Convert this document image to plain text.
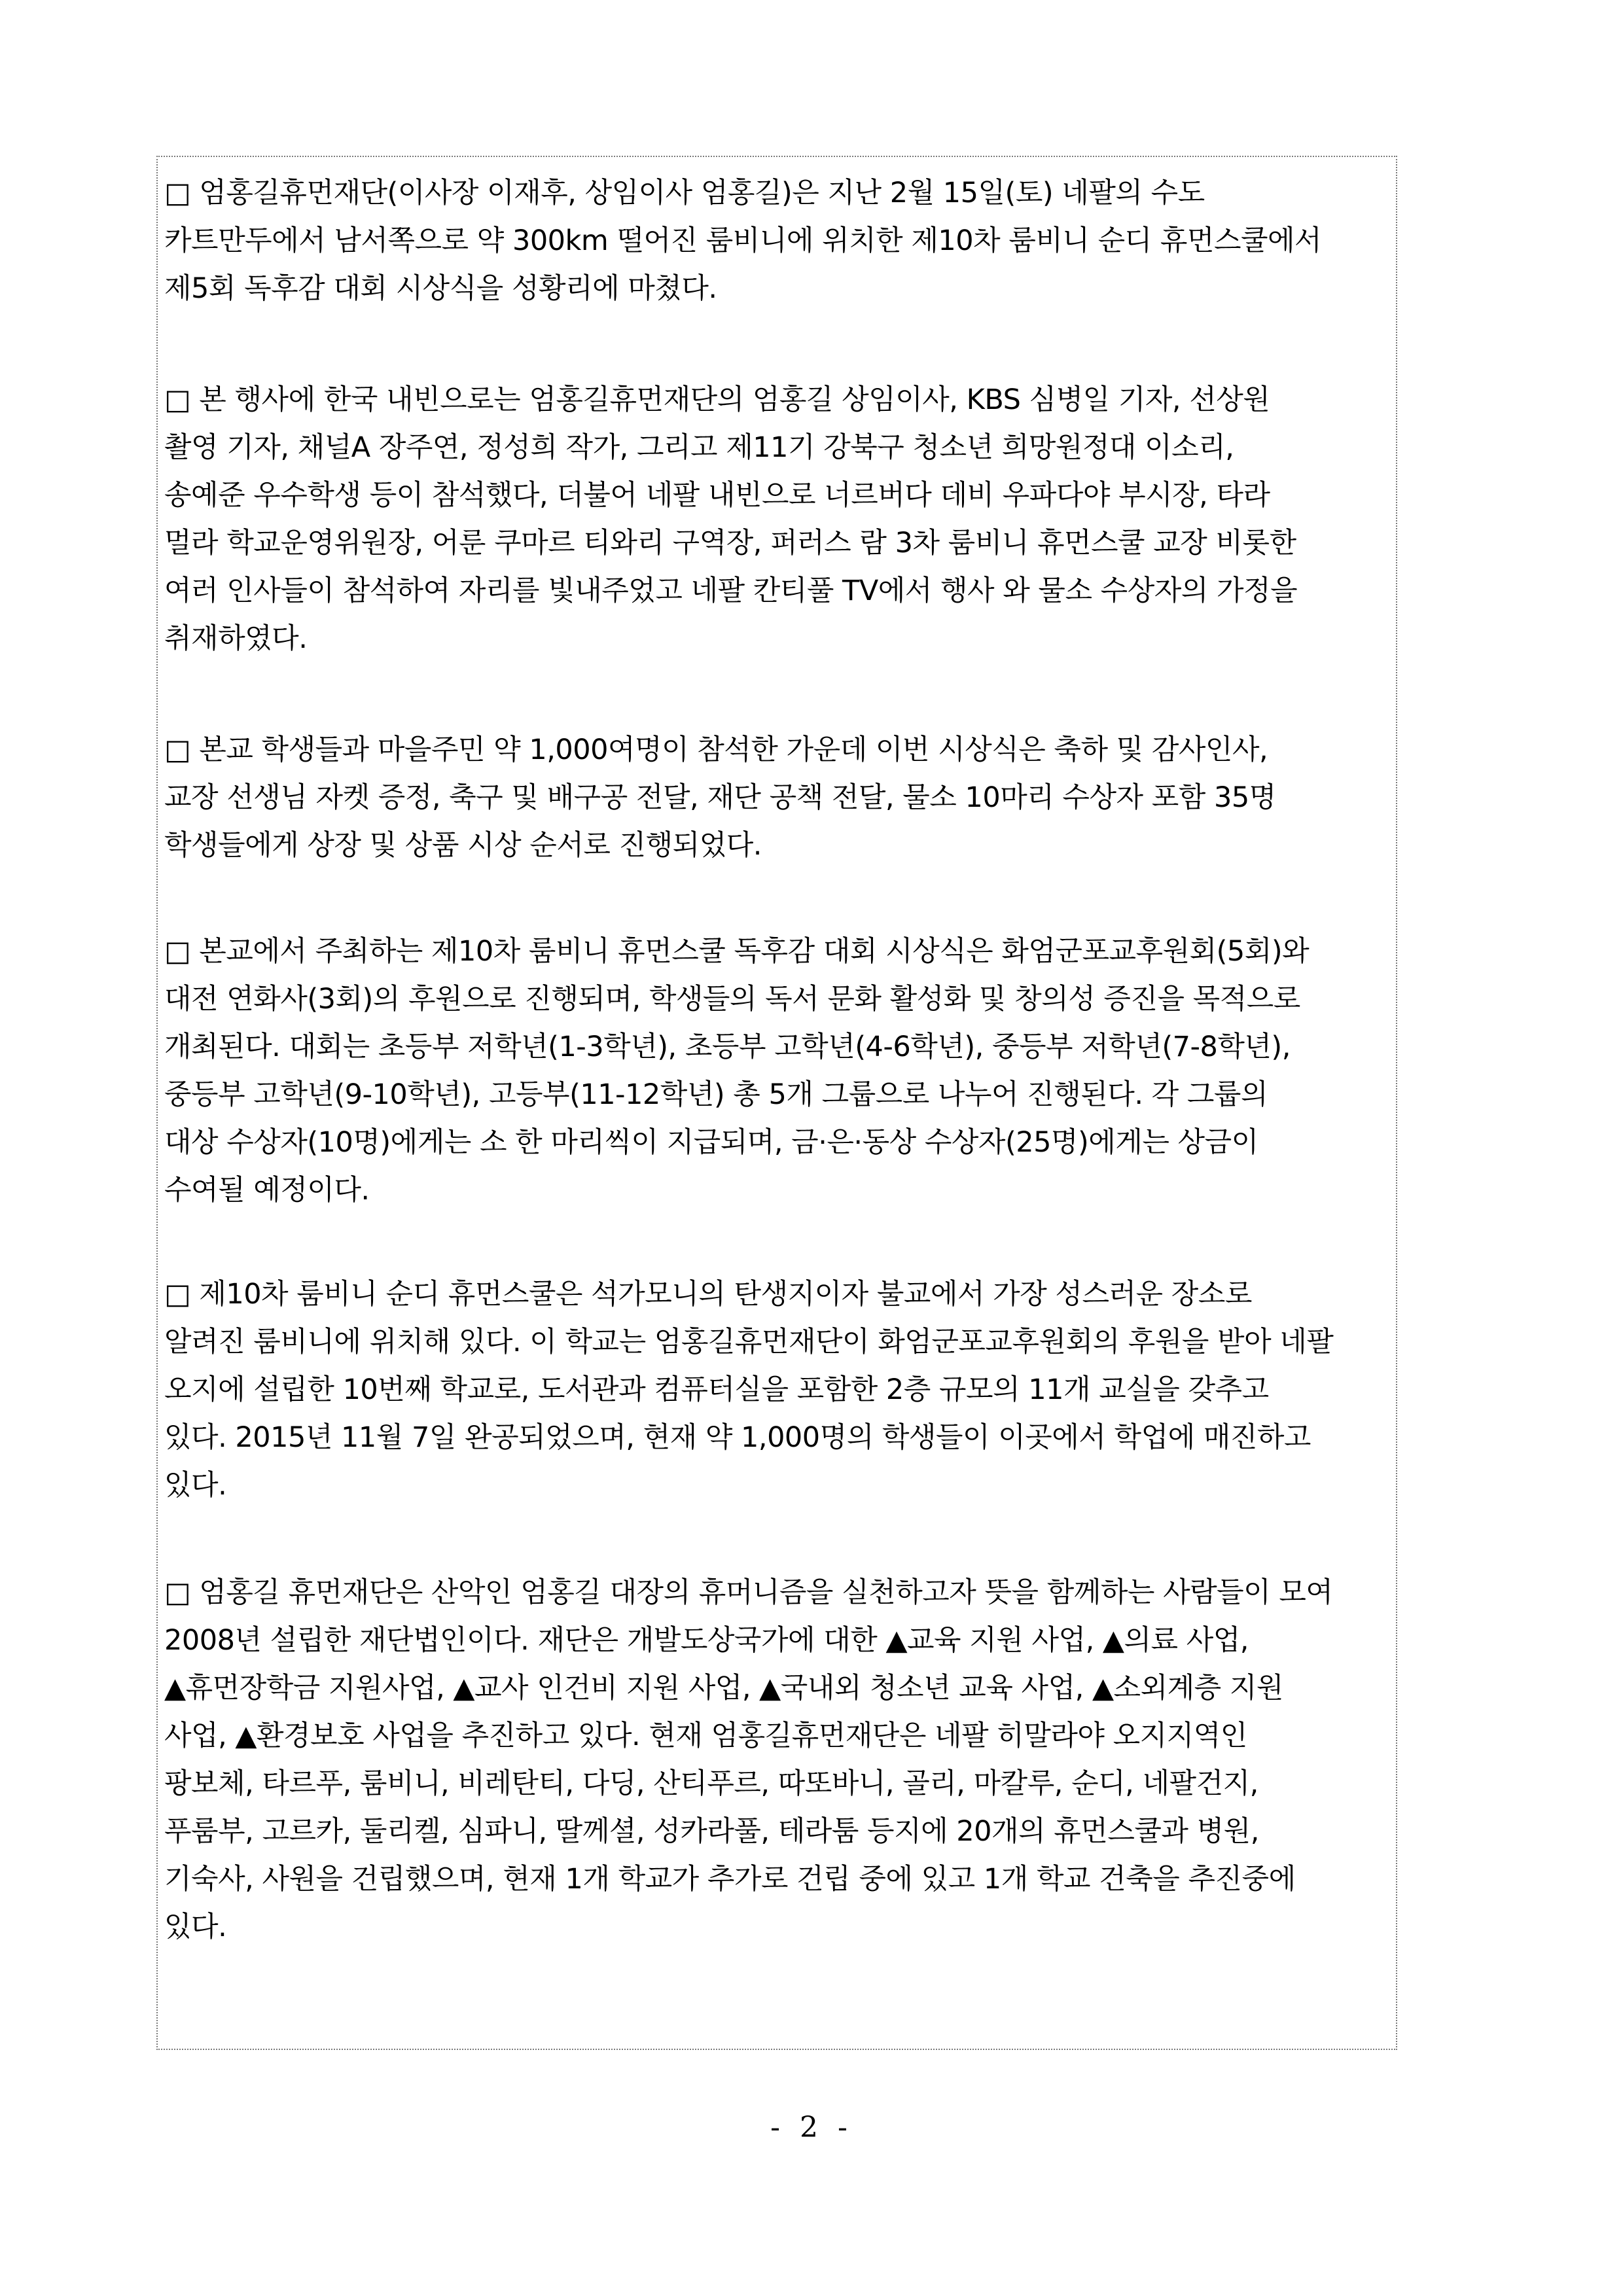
□ 엄홍길휴먼재단(이사장 이재후, 상임이사 엄홍길)은 지난 2월 15일(토) 네팔의 수도
카트만두에서 남서쪽으로 약 300km 떨어진 룸비니에 위치한 제10차 룸비니 순디 휴먼스쿨에서
제5회 독후감 대회 시상식을 성황리에 마쳤다.

□ 본 행사에 한국 내빈으로는 엄홍길휴먼재단의 엄홍길 상임이사, KBS 심병일 기자, 선상원
촬영 기자, 채널A 장주연, 정성희 작가, 그리고 제11기 강북구 청소년 희망원정대 이소리,
송예준 우수학생 등이 참석했다, 더불어 네팔 내빈으로 너르버다 데비 우파다야 부시장, 타라
멀라 학교운영위원장, 어룬 쿠마르 티와리 구역장, 퍼러스 람 3차 룸비니 휴먼스쿨 교장 비롯한
여러 인사들이 참석하여 자리를 빛내주었고 네팔 칸티풀 TV에서 행사 와 물소 수상자의 가정을
취재하였다.

□ 본교 학생들과 마을주민 약 1,000여명이 참석한 가운데 이번 시상식은 축하 및 감사인사,
교장 선생님 자켓 증정, 축구 및 배구공 전달, 재단 공책 전달, 물소 10마리 수상자 포함 35명
학생들에게 상장 및 상품 시상 순서로 진행되었다.

□ 본교에서 주최하는 제10차 룸비니 휴먼스쿨 독후감 대회 시상식은 화엄군포교후원회(5회)와
대전 연화사(3회)의 후원으로 진행되며, 학생들의 독서 문화 활성화 및 창의성 증진을 목적으로
개최된다. 대회는 초등부 저학년(1-3학년), 초등부 고학년(4-6학년), 중등부 저학년(7-8학년),
중등부 고학년(9-10학년), 고등부(11-12학년) 총 5개 그룹으로 나누어 진행된다. 각 그룹의
대상 수상자(10명)에게는 소 한 마리씩이 지급되며, 금·은·동상 수상자(25명)에게는 상금이
수여될 예정이다.

□ 제10차 룸비니 순디 휴먼스쿨은 석가모니의 탄생지이자 불교에서 가장 성스러운 장소로
알려진 룸비니에 위치해 있다. 이 학교는 엄홍길휴먼재단이 화엄군포교후원회의 후원을 받아 네팔
오지에 설립한 10번째 학교로, 도서관과 컴퓨터실을 포함한 2층 규모의 11개 교실을 갖추고
있다. 2015년 11월 7일 완공되었으며, 현재 약 1,000명의 학생들이 이곳에서 학업에 매진하고
있다.

□ 엄홍길 휴먼재단은 산악인 엄홍길 대장의 휴머니즘을 실천하고자 뜻을 함께하는 사람들이 모여
2008년 설립한 재단법인이다. 재단은 개발도상국가에 대한 ▲교육 지원 사업, ▲의료 사업,
▲휴먼장학금 지원사업, ▲교사 인건비 지원 사업, ▲국내외 청소년 교육 사업, ▲소외계층 지원
사업, ▲환경보호 사업을 추진하고 있다. 현재 엄홍길휴먼재단은 네팔 히말라야 오지지역인
팡보체, 타르푸, 룸비니, 비레탄티, 다딩, 산티푸르, 따또바니, 골리, 마칼루, 순디, 네팔건지,
푸룸부, 고르카, 둘리켈, 심파니, 딸께셜, 성카라풀, 테라툼 등지에 20개의 휴먼스쿨과 병원,
기숙사, 사원을 건립했으며, 현재 1개 학교가 추가로 건립 중에 있고 1개 학교 건축을 추진중에
있다.

- 2 -
